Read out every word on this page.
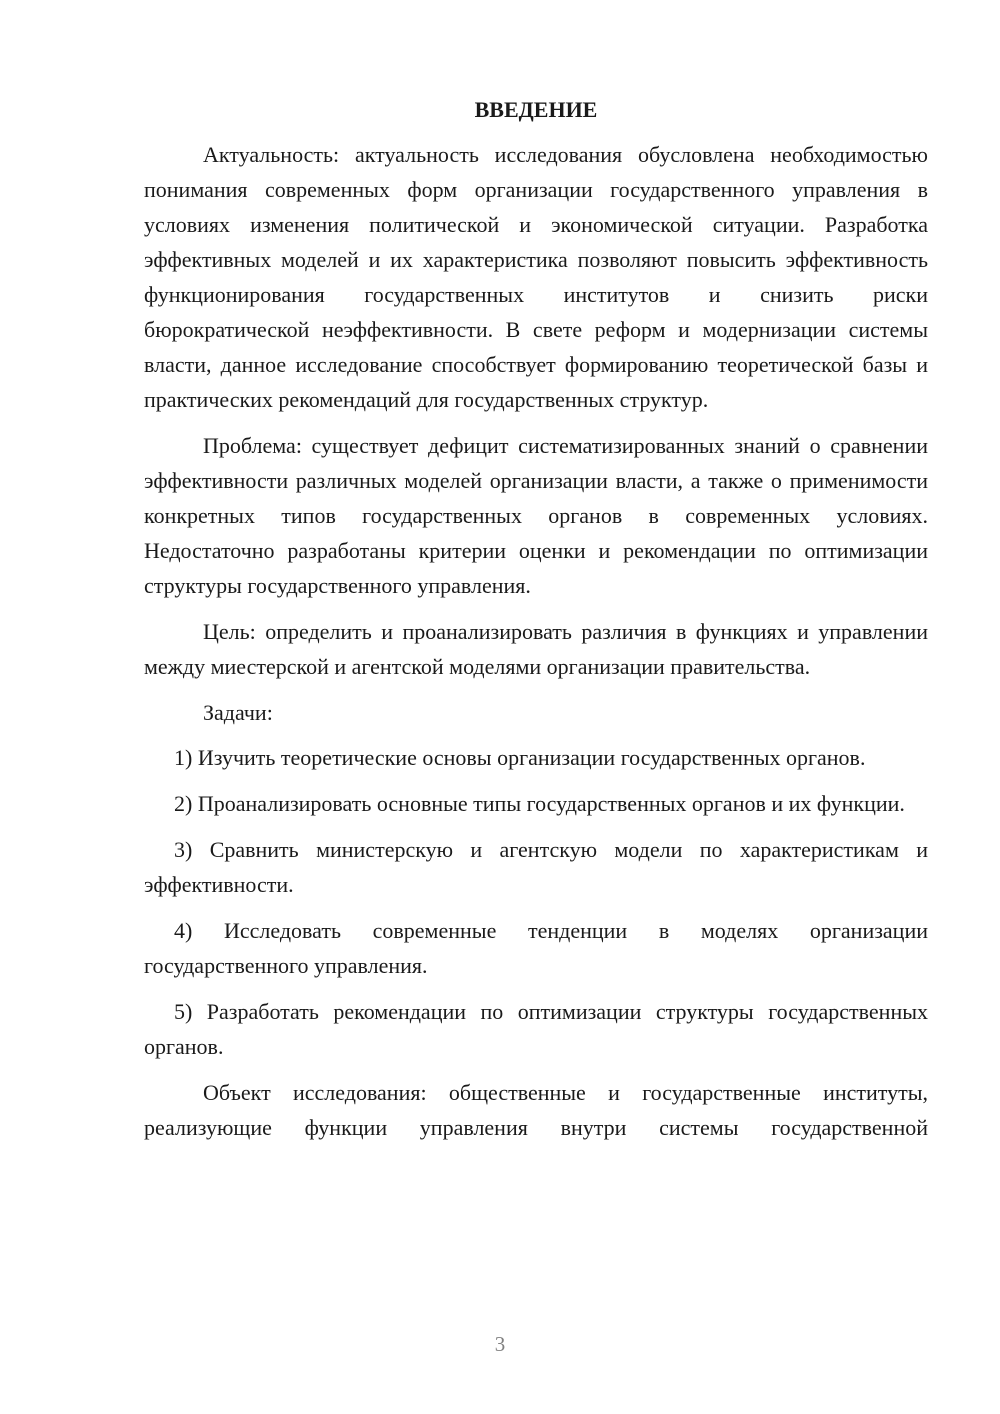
ВВЕДЕНИЕ

Актуальность: актуальность исследования обусловлена необходимостью понимания современных форм организации государственного управления в условиях изменения политической и экономической ситуации. Разработка эффективных моделей и их характеристика позволяют повысить эффективность функционирования государственных институтов и снизить риски бюрократической неэффективности. В свете реформ и модернизации системы власти, данное исследование способствует формированию теоретической базы и практических рекомендаций для государственных структур.

Проблема: существует дефицит систематизированных знаний о сравнении эффективности различных моделей организации власти, а также о применимости конкретных типов государственных органов в современных условиях. Недостаточно разработаны критерии оценки и рекомендации по оптимизации структуры государственного управления.

Цель: определить и проанализировать различия в функциях и управлении между миестерской и агентской моделями организации правительства.

Задачи:

1) Изучить теоретические основы организации государственных органов.

2) Проанализировать основные типы государственных органов и их функции.

3) Сравнить министерскую и агентскую модели по характеристикам и эффективности.

4) Исследовать современные тенденции в моделях организации государственного управления.

5) Разработать рекомендации по оптимизации структуры государственных органов.

Объект исследования: общественные и государственные институты, реализующие функции управления внутри системы государственной

3
